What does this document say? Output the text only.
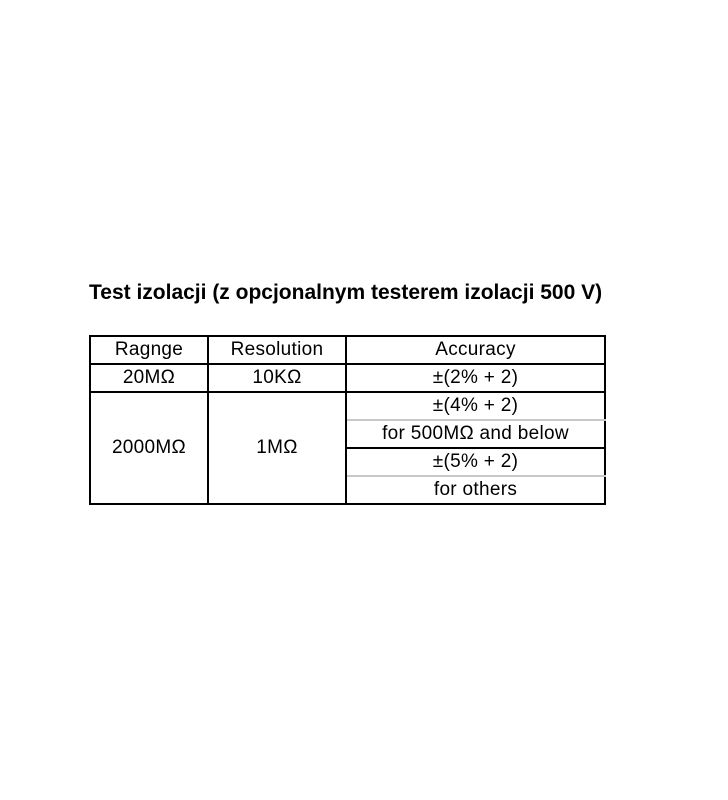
Test izolacji (z opcjonalnym testerem izolacji 500 V)
Ragnge	Resolution	Accuracy
20MΩ	10KΩ	±(2% + 2)
2000MΩ	1MΩ	±(4% + 2)
		for 500MΩ and below
		±(5% + 2)
		for others
